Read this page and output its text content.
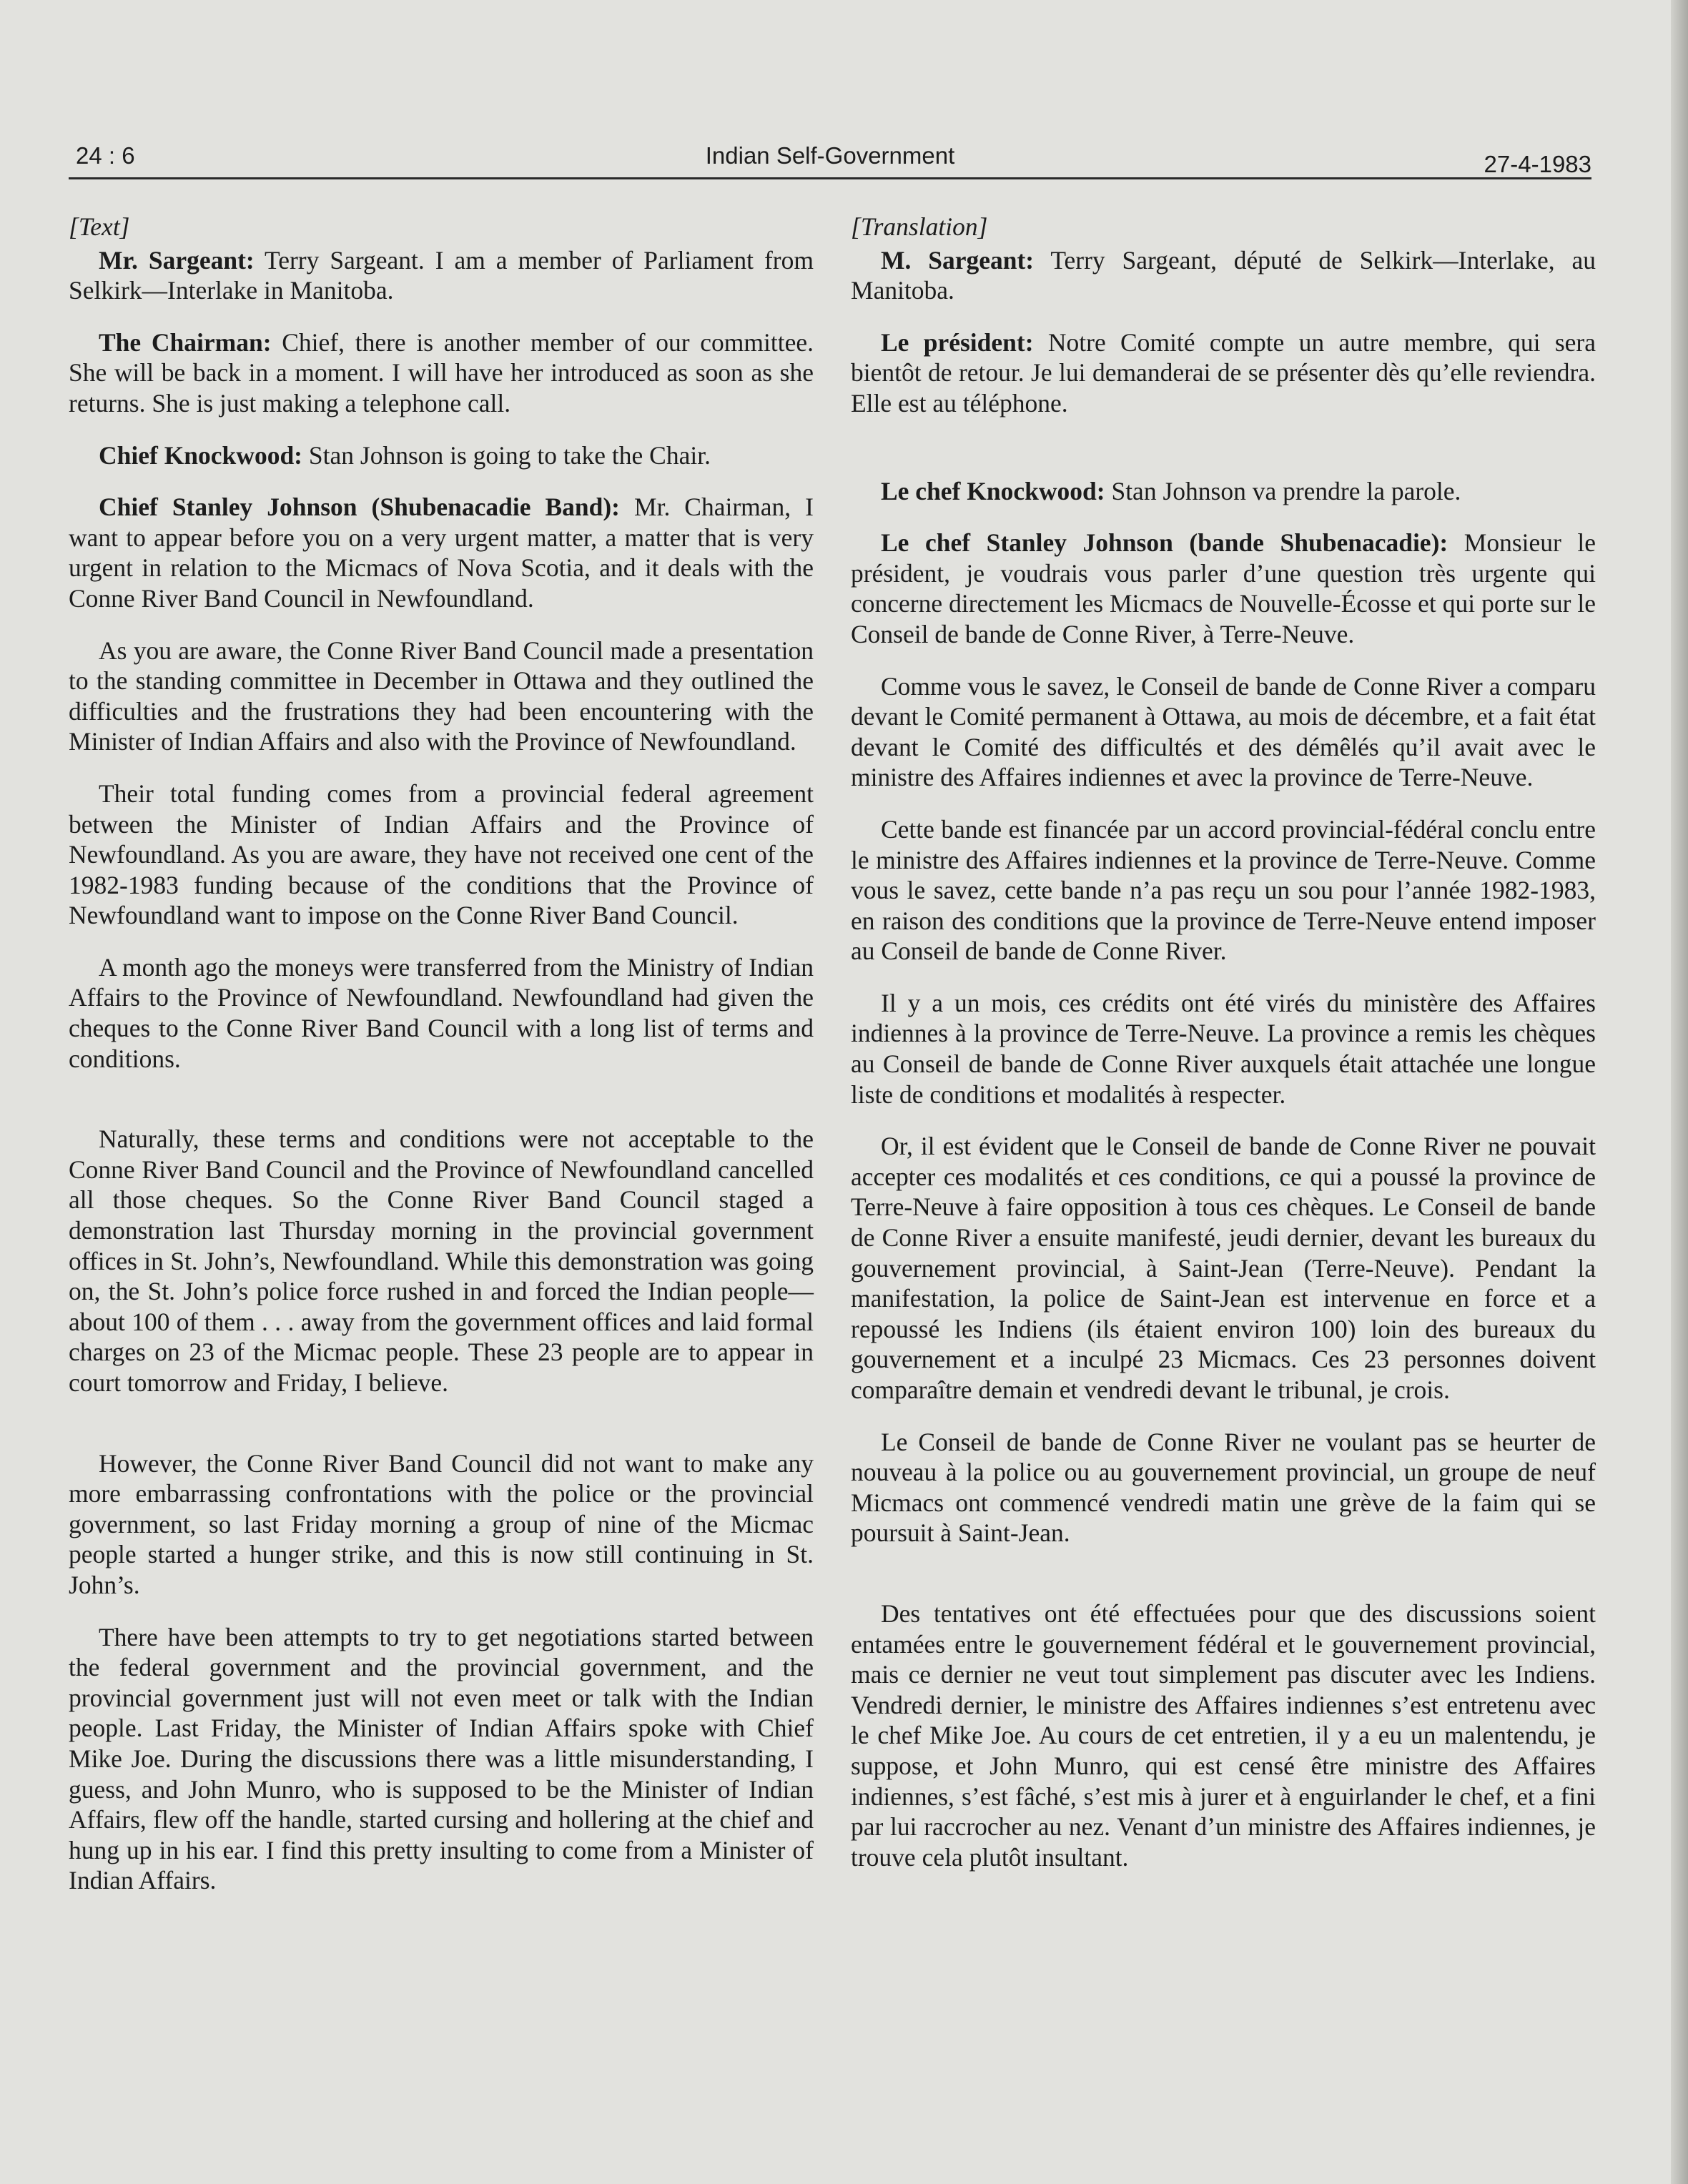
24 : 6	Indian Self-Government	27-4-1983

[Text]

Mr. Sargeant: Terry Sargeant. I am a member of Parliament from Selkirk—Interlake in Manitoba.

The Chairman: Chief, there is another member of our committee. She will be back in a moment. I will have her introduced as soon as she returns. She is just making a telephone call.

Chief Knockwood: Stan Johnson is going to take the Chair.

Chief Stanley Johnson (Shubenacadie Band): Mr. Chairman, I want to appear before you on a very urgent matter, a matter that is very urgent in relation to the Micmacs of Nova Scotia, and it deals with the Conne River Band Council in Newfoundland.

As you are aware, the Conne River Band Council made a presentation to the standing committee in December in Ottawa and they outlined the difficulties and the frustrations they had been encountering with the Minister of Indian Affairs and also with the Province of Newfoundland.

Their total funding comes from a provincial federal agreement between the Minister of Indian Affairs and the Province of Newfoundland. As you are aware, they have not received one cent of the 1982-1983 funding because of the conditions that the Province of Newfoundland want to impose on the Conne River Band Council.

A month ago the moneys were transferred from the Ministry of Indian Affairs to the Province of Newfoundland. Newfoundland had given the cheques to the Conne River Band Council with a long list of terms and conditions.

Naturally, these terms and conditions were not acceptable to the Conne River Band Council and the Province of Newfoundland cancelled all those cheques. So the Conne River Band Council staged a demonstration last Thursday morning in the provincial government offices in St. John’s, Newfoundland. While this demonstration was going on, the St. John’s police force rushed in and forced the Indian people—about 100 of them . . . away from the government offices and laid formal charges on 23 of the Micmac people. These 23 people are to appear in court tomorrow and Friday, I believe.

However, the Conne River Band Council did not want to make any more embarrassing confrontations with the police or the provincial government, so last Friday morning a group of nine of the Micmac people started a hunger strike, and this is now still continuing in St. John’s.

There have been attempts to try to get negotiations started between the federal government and the provincial government, and the provincial government just will not even meet or talk with the Indian people. Last Friday, the Minister of Indian Affairs spoke with Chief Mike Joe. During the discussions there was a little misunderstanding, I guess, and John Munro, who is supposed to be the Minister of Indian Affairs, flew off the handle, started cursing and hollering at the chief and hung up in his ear. I find this pretty insulting to come from a Minister of Indian Affairs.

[Translation]

M. Sargeant: Terry Sargeant, député de Selkirk—Interlake, au Manitoba.

Le président: Notre Comité compte un autre membre, qui sera bientôt de retour. Je lui demanderai de se présenter dès qu’elle reviendra. Elle est au téléphone.

Le chef Knockwood: Stan Johnson va prendre la parole.

Le chef Stanley Johnson (bande Shubenacadie): Monsieur le président, je voudrais vous parler d’une question très urgente qui concerne directement les Micmacs de Nouvelle-Écosse et qui porte sur le Conseil de bande de Conne River, à Terre-Neuve.

Comme vous le savez, le Conseil de bande de Conne River a comparu devant le Comité permanent à Ottawa, au mois de décembre, et a fait état devant le Comité des difficultés et des démêlés qu’il avait avec le ministre des Affaires indiennes et avec la province de Terre-Neuve.

Cette bande est financée par un accord provincial-fédéral conclu entre le ministre des Affaires indiennes et la province de Terre-Neuve. Comme vous le savez, cette bande n’a pas reçu un sou pour l’année 1982-1983, en raison des conditions que la province de Terre-Neuve entend imposer au Conseil de bande de Conne River.

Il y a un mois, ces crédits ont été virés du ministère des Affaires indiennes à la province de Terre-Neuve. La province a remis les chèques au Conseil de bande de Conne River auxquels était attachée une longue liste de conditions et modalités à respecter.

Or, il est évident que le Conseil de bande de Conne River ne pouvait accepter ces modalités et ces conditions, ce qui a poussé la province de Terre-Neuve à faire opposition à tous ces chèques. Le Conseil de bande de Conne River a ensuite manifesté, jeudi dernier, devant les bureaux du gouvernement provincial, à Saint-Jean (Terre-Neuve). Pendant la manifestation, la police de Saint-Jean est intervenue en force et a repoussé les Indiens (ils étaient environ 100) loin des bureaux du gouvernement et a inculpé 23 Micmacs. Ces 23 personnes doivent comparaître demain et vendredi devant le tribunal, je crois.

Le Conseil de bande de Conne River ne voulant pas se heurter de nouveau à la police ou au gouvernement provincial, un groupe de neuf Micmacs ont commencé vendredi matin une grève de la faim qui se poursuit à Saint-Jean.

Des tentatives ont été effectuées pour que des discussions soient entamées entre le gouvernement fédéral et le gouvernement provincial, mais ce dernier ne veut tout simplement pas discuter avec les Indiens. Vendredi dernier, le ministre des Affaires indiennes s’est entretenu avec le chef Mike Joe. Au cours de cet entretien, il y a eu un malentendu, je suppose, et John Munro, qui est censé être ministre des Affaires indiennes, s’est fâché, s’est mis à jurer et à enguirlander le chef, et a fini par lui raccrocher au nez. Venant d’un ministre des Affaires indiennes, je trouve cela plutôt insultant.
